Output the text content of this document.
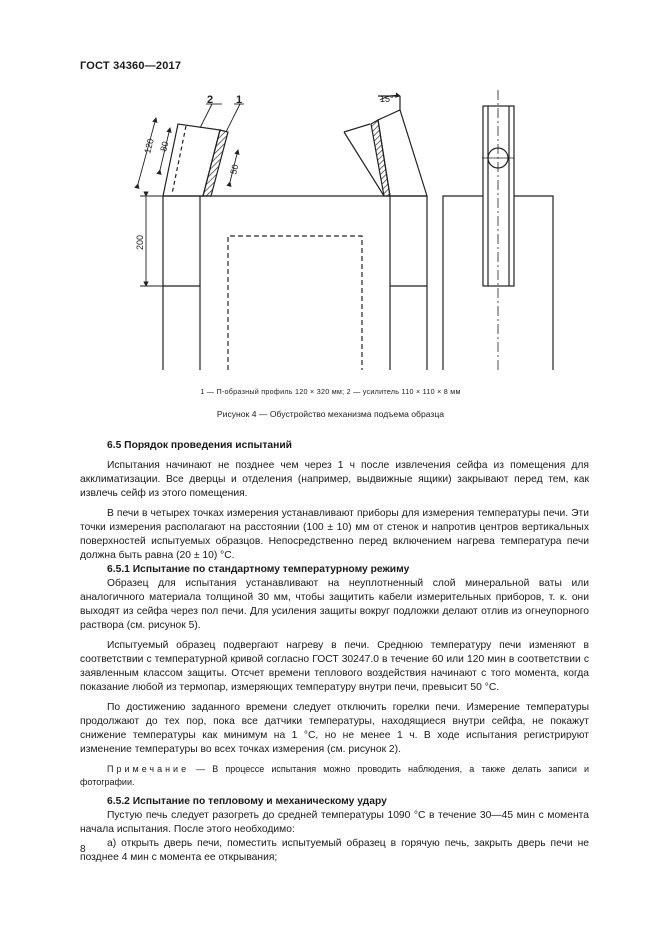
ГОСТ 34360—2017
2 1	15°
120 80
50
200
1 — П-образный профиль 120 × 320 мм; 2 — усилитель 110 × 110 × 8 мм
Рисунок 4 — Обустройство механизма подъема образца
6.5 Порядок проведения испытаний

Испытания начинают не позднее чем через 1 ч после извлечения сейфа из помещения для акклиматизации. Все дверцы и отделения (например, выдвижные ящики) закрывают перед тем, как извлечь сейф из этого помещения.

В печи в четырех точках измерения устанавливают приборы для измерения температуры печи. Эти точки измерения располагают на расстоянии (100 ± 10) мм от стенок и напротив центров вертикальных поверхностей испытуемых образцов. Непосредственно перед включением нагрева температура печи должна быть равна (20 ± 10) °С.

6.5.1 Испытание по стандартному температурному режиму

Образец для испытания устанавливают на неуплотненный слой минеральной ваты или аналогичного материала толщиной 30 мм, чтобы защитить кабели измерительных приборов, т. к. они выходят из сейфа через пол печи. Для усиления защиты вокруг подложки делают отлив из огнеупорного раствора (см. рисунок 5).

Испытуемый образец подвергают нагреву в печи. Среднюю температуру печи изменяют в соответствии с температурной кривой согласно ГОСТ 30247.0 в течение 60 или 120 мин в соответствии с заявленным классом защиты. Отсчет времени теплового воздействия начинают с того момента, когда показание любой из термопар, измеряющих температуру внутри печи, превысит 50 °С.

По достижению заданного времени следует отключить горелки печи. Измерение температуры продолжают до тех пор, пока все датчики температуры, находящиеся внутри сейфа, не покажут снижение температуры как минимум на 1 °С, но не менее 1 ч. В ходе испытания регистрируют изменение температуры во всех точках измерения (см. рисунок 2).

Примечание — В процессе испытания можно проводить наблюдения, а также делать записи и фотографии.

6.5.2 Испытание по тепловому и механическому удару

Пустую печь следует разогреть до средней температуры 1090 °С в течение 30—45 мин с момента начала испытания. После этого необходимо:

а) открыть дверь печи, поместить испытуемый образец в горячую печь, закрыть дверь печи не позднее 4 мин с момента ее открывания;

8
